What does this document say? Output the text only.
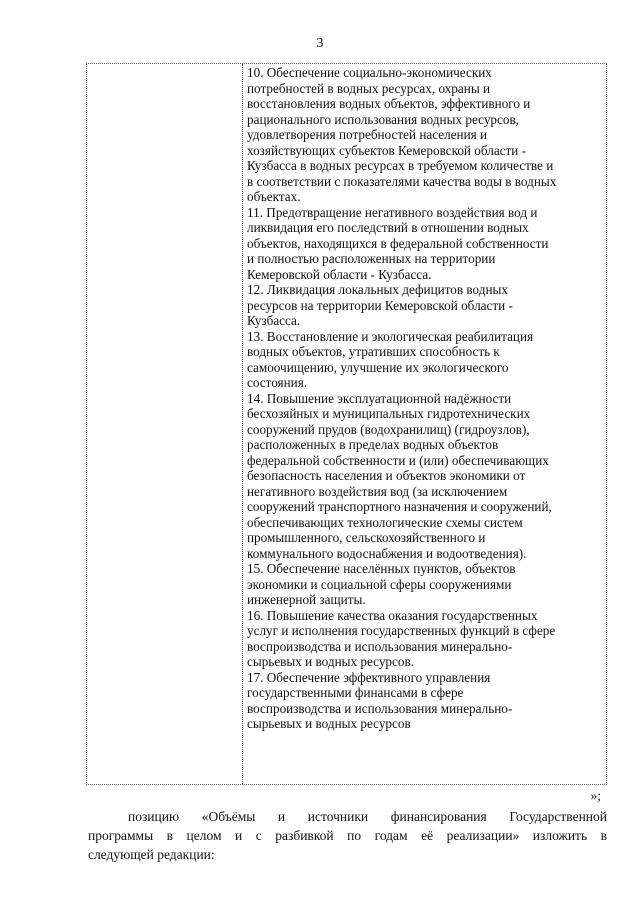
3
10. Обеспечение социально-экономических
потребностей в водных ресурсах, охраны и
восстановления водных объектов, эффективного и
рационального использования водных ресурсов,
удовлетворения потребностей населения и
хозяйствующих субъектов Кемеровской области -
Кузбасса в водных ресурсах в требуемом количестве и
в соответствии с показателями качества воды в водных
объектах.
11. Предотвращение негативного воздействия вод и
ликвидация его последствий в отношении водных
объектов, находящихся в федеральной собственности
и полностью расположенных на территории
Кемеровской области - Кузбасса.
12. Ликвидация локальных дефицитов водных
ресурсов на территории Кемеровской области -
Кузбасса.
13. Восстановление и экологическая реабилитация
водных объектов, утративших способность к
самоочищению, улучшение их экологического
состояния.
14. Повышение эксплуатационной надёжности
бесхозяйных и муниципальных гидротехнических
сооружений прудов (водохранилищ) (гидроузлов),
расположенных в пределах водных объектов
федеральной собственности и (или) обеспечивающих
безопасность населения и объектов экономики от
негативного воздействия вод (за исключением
сооружений транспортного назначения и сооружений,
обеспечивающих технологические схемы систем
промышленного, сельскохозяйственного и
коммунального водоснабжения и водоотведения).
15. Обеспечение населённых пунктов, объектов
экономики и социальной сферы сооружениями
инженерной защиты.
16. Повышение качества оказания государственных
услуг и исполнения государственных функций в сфере
воспроизводства и использования минерально-
сырьевых и водных ресурсов.
17. Обеспечение эффективного управления
государственными финансами в сфере
воспроизводства и использования минерально-
сырьевых и водных ресурсов
»;
позицию «Объёмы и источники финансирования Государственной
программы в целом и с разбивкой по годам её реализации» изложить в
следующей редакции:
